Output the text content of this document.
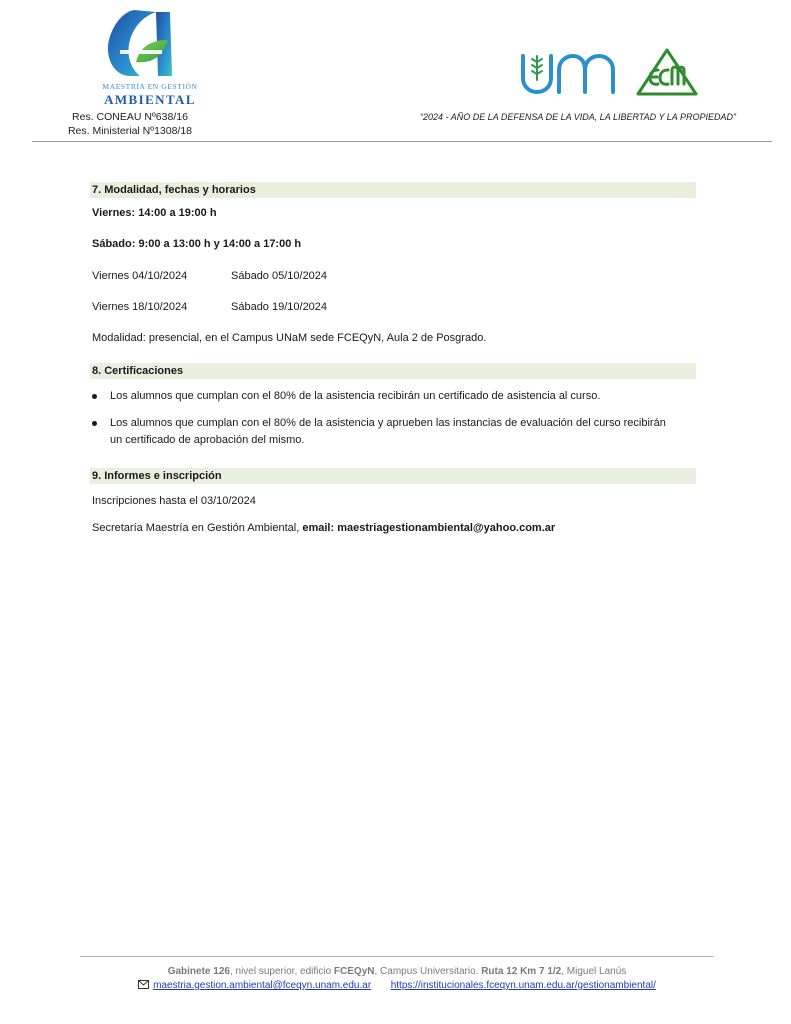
MAESTRÍA EN GESTIÓN
AMBIENTAL
Res. CONEAU Nº638/16
Res. Ministerial Nº1308/18
“2024 - AÑO DE LA DEFENSA DE LA VIDA, LA LIBERTAD Y LA PROPIEDAD”
7. Modalidad, fechas y horarios
Viernes: 14:00 a 19:00 h
Sábado: 9:00 a 13:00 h y 14:00 a 17:00 h
Viernes 04/10/2024	Sábado 05/10/2024
Viernes 18/10/2024	Sábado 19/10/2024
Modalidad: presencial, en el Campus UNaM sede FCEQyN, Aula 2 de Posgrado.
8. Certificaciones
Los alumnos que cumplan con el 80% de la asistencia recibirán un certificado de asistencia al curso.
Los alumnos que cumplan con el 80% de la asistencia y aprueben las instancias de evaluación del curso recibirán un certificado de aprobación del mismo.
9. Informes e inscripción
Inscripciones hasta el 03/10/2024
Secretaría Maestría en Gestión Ambiental, email: maestriagestionambiental@yahoo.com.ar
Gabinete 126, nivel superior, edificio FCEQyN, Campus Universitario. Ruta 12 Km 7 1/2, Miguel Lanús
maestria.gestion.ambiental@fceqyn.unam.edu.ar https://institucionales.fceqyn.unam.edu.ar/gestionambiental/
